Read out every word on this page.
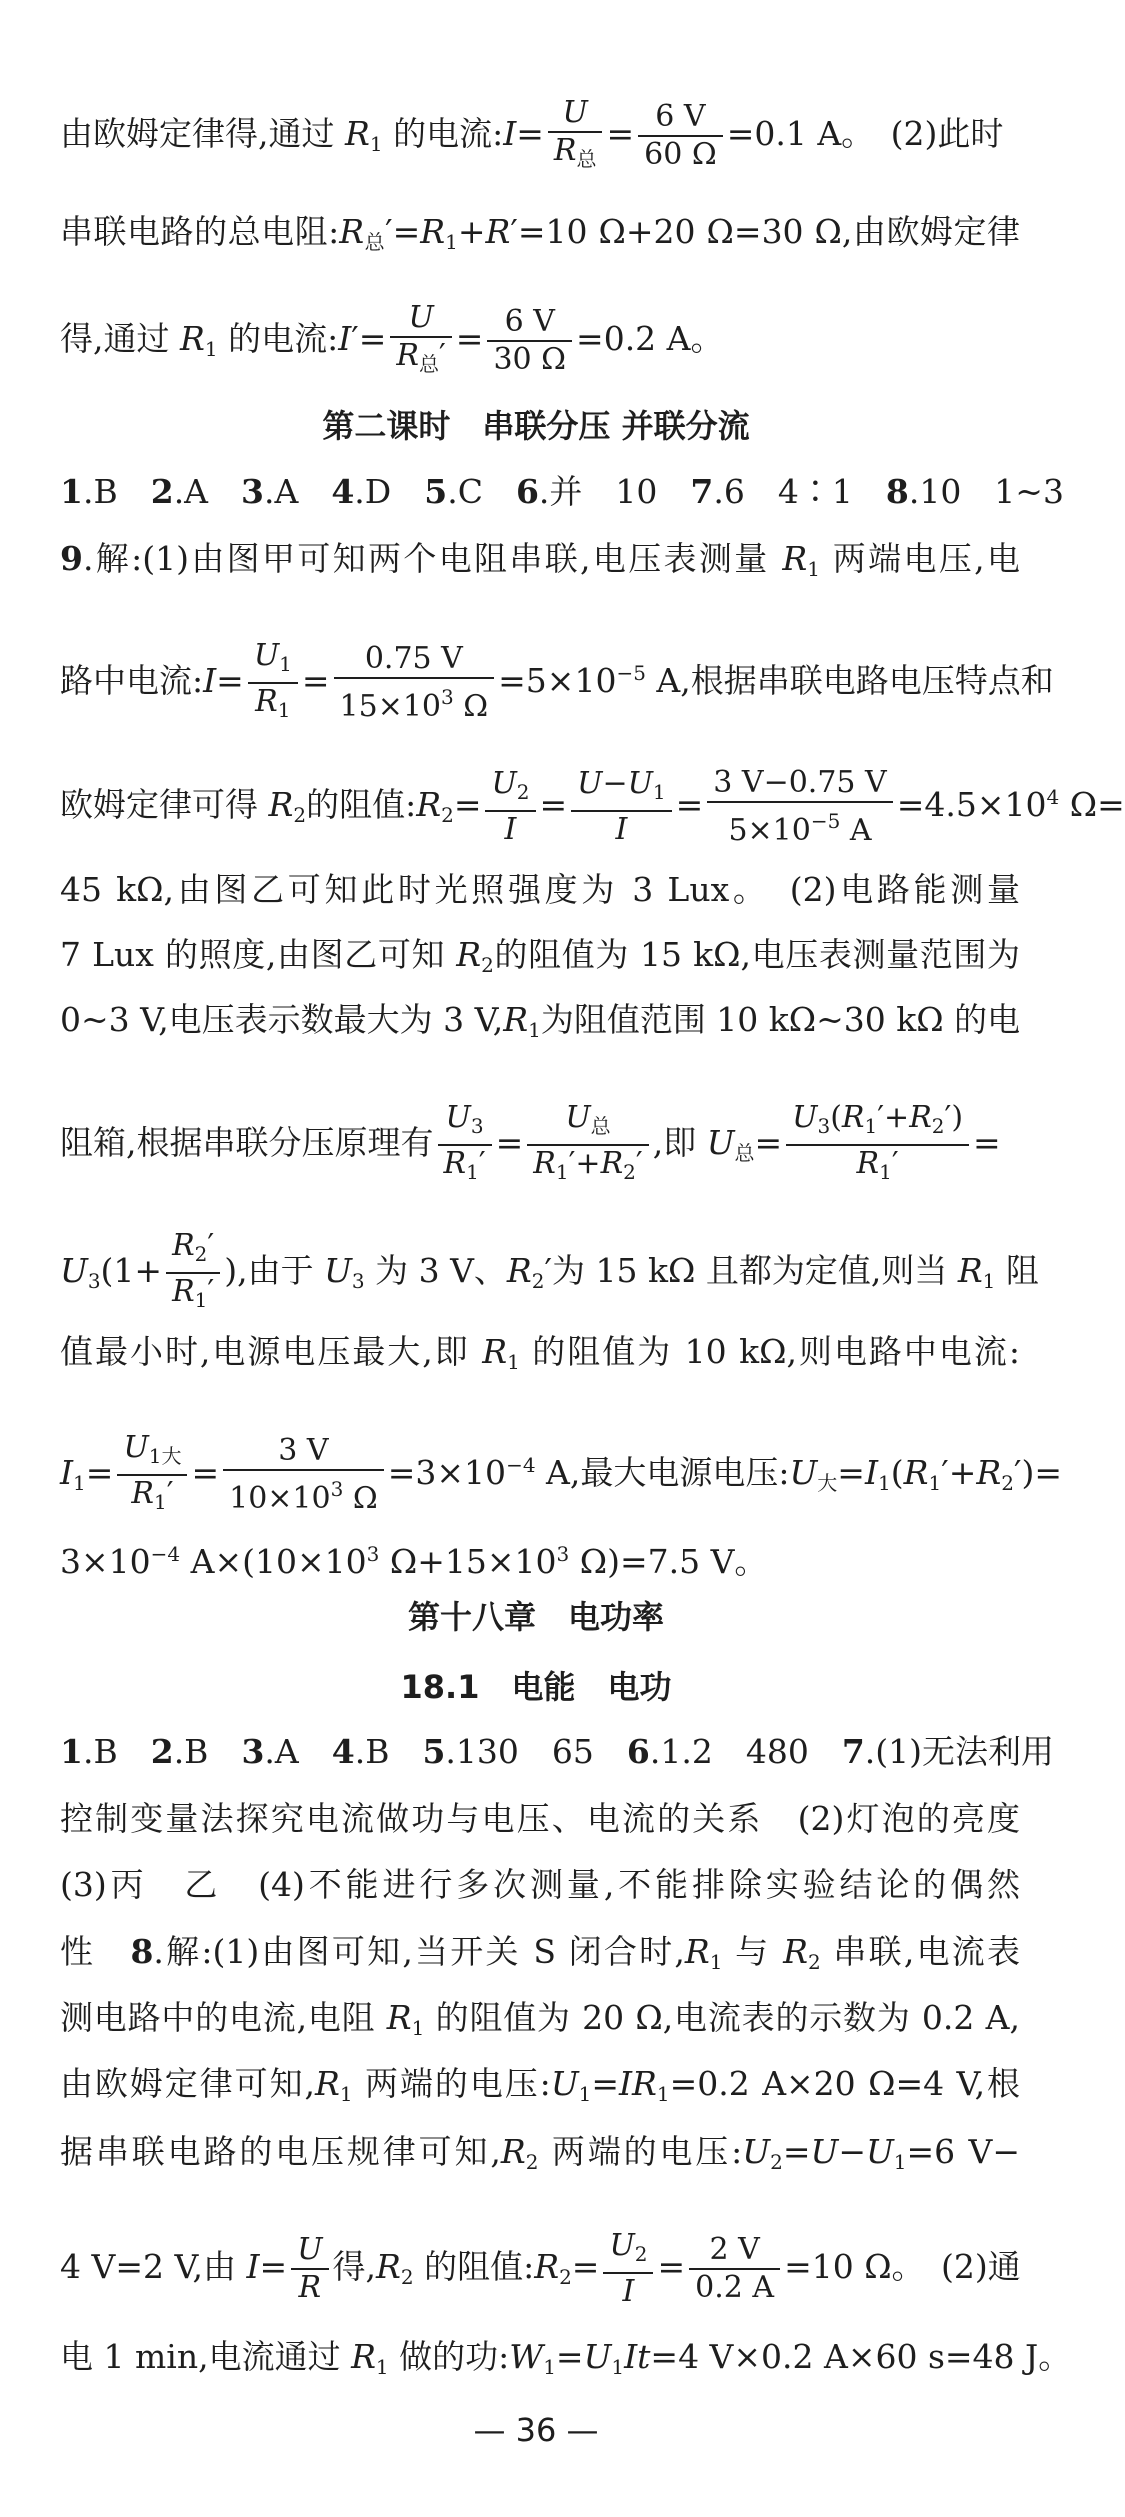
由欧姆定律得,通过 $R_1$ 的电流:I= $\frac{U}{R_总} = \frac{6 V}{60 \Omega} =0.1$ A。　(2)此时
串联电路的总电阻$:R_总'=R_1+R'=10$ Ω+20 Ω=30 Ω,由欧姆定律
得,通过 $R_1$ 的电流:I′= $\frac{U}{R_总'} = \frac{6 V}{30 \Omega} =0.2$ A。
第二课时　串联分压 并联分流
1.B　2.A　3.A　4.D　5.C　6.并　10　7.6　4∶1　8.10　1~3
9.解:(1)由图甲可知两个电阻串联,电压表测量 $R_1$ 两端电压,电
路中电流:I= $\frac{U_1}{R_1} = \frac{0.75 V}{15\times 10^3 \Omega} =5\times 10^{-5}$ A,根据串联电路电压特点和
欧姆定律可得 $R_2$的阻值$:R_2= \frac{U_2}{I} = \frac{U-U_1}{I} = \frac{3 V-0.75 V}{5\times 10^{-5} A} =4.5\times 10^4$ Ω=
45 kΩ,由图乙可知此时光照强度为 3 Lux。　(2)电路能测量
7 Lux 的照度,由图乙可知 $R_2$的阻值为 15 kΩ,电压表测量范围为
0~3 V,电压表示数最大为 3 $V,R_1$为阻值范围 10 kΩ~30 kΩ 的电
阻箱,根据串联分压原理有 $\frac{U_3}{R_1'} = \frac{U_总}{R_1'+R_2'}$ ,即 $U_总= \frac{U_3(R_1'+R_2')}{R_1'}$ =
$U_3(1+ \frac{R_2'}{R_1'}$ ),由于 $U_3$ 为 3 V、$R_2'$为 15 kΩ 且都为定值,则当 $R_1$ 阻
值最小时,电源电压最大,即 $R_1$ 的阻值为 10 kΩ,则电路中电流:
$I_1= \frac{U_{1大}}{R_1'} = \frac{3 V}{10\times 10^3 \Omega} =3\times 10^{-4}$ A,最大电源电压$:U_大=I_1(R_1'+R_2')=$
$3\times 10^{-4}$ $A\times(10\times 10^3$ $\Omega+15\times 10^3$ Ω)=7.5 V。
第十八章　电功率
18.1　电能　电功
1.B　2.B　3.A　4.B　5.130　65　6.1.2　480　7.(1)无法利用
控制变量法探究电流做功与电压、电流的关系　(2)灯泡的亮度
(3)丙　乙　(4)不能进行多次测量,不能排除实验结论的偶然
性　8.解:(1)由图可知,当开关 S 闭合时$,R_1$ 与 $R_2$ 串联,电流表
测电路中的电流,电阻 $R_1$ 的阻值为 20 Ω,电流表的示数为 0.2 A,
由欧姆定律可知$,R_1$ 两端的电压$:U_1=IR_1=0.2$ A×20 Ω=4 V,根
据串联电路的电压规律可知$,R_2$ 两端的电压$:U_2=U-U_1=6$ V−
4 V=2 V,由 $I= \frac{U}{R}$ 得$,R_2$ 的阻值$:R_2= \frac{U_2}{I} = \frac{2 V}{0.2 A} =10$ Ω。　(2)通
电 1 min,电流通过 $R_1$ 做的功$:W_1=U_1It=4$ V×0.2 A×60 s=48 J。
— 36 —
